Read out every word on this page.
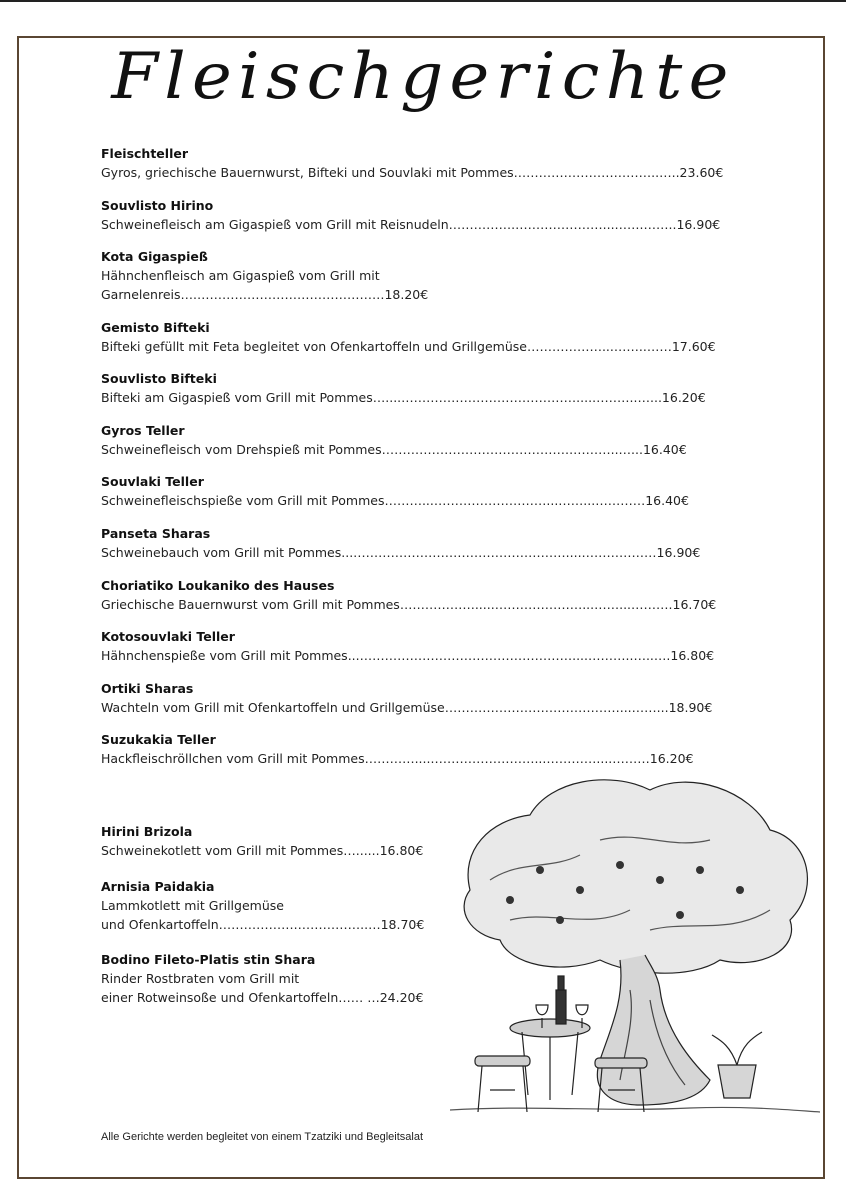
Fleischgerichte
Fleischteller
Gyros, griechische Bauernwurst, Bifteki und Souvlaki mit Pommes……………………………..…..23.60€
Souvlisto Hirino
Schweinefleisch am Gigaspieß vom Grill mit Reisnudeln…………….…………………...…….……..16.90€
Kota Gigaspieß
Hähnchenfleisch am Gigaspieß vom Grill mit
Garnelenreis….………………………………………18.20€
Gemisto Bifteki
Bifteki gefüllt mit Feta begleitet von Ofenkartoffeln und Grillgemüse………………...……..……17.60€
Souvlisto Bifteki
Bifteki am Gigaspieß vom Grill mit Pommes…....……………………………………....………..…...16.20€
Gyros Teller
Schweinefleisch vom Drehspieß mit Pommes……………………………………….………..…...16.40€
Souvlaki Teller
Schweinefleischspieße vom Grill mit Pommes………...………………………...……...…………16.40€
Panseta Sharas
Schweinebauch vom Grill mit Pommes...……………………………………………....………………16.90€
Choriatiko Loukaniko des Hauses
Griechische Bauernwurst vom Grill mit Pommes……………….....…………………...……...……….16.70€
Kotosouvlaki Teller
Hähnchenspieße vom Grill mit Pommes...……………………………………………....………..…..….16.80€
Ortiki Sharas
Wachteln vom Grill mit Ofenkartoffeln und Grillgemüse……………………………………...……...18.90€
Suzukakia Teller
Hackfleischröllchen vom Grill mit Pommes………….....……………………...…………....………16.20€
Hirini Brizola
Schweinekotlett vom Grill mit Pommes…......16.80€
Arnisia Paidakia
Lammkotlett mit Grillgemüse
und Ofenkartoffeln……………….……………..…18.70€
Bodino Fileto-Platis stin Shara
Rinder Rostbraten vom Grill mit
einer Rotweinsoße und Ofenkartoffeln…… …24.20€
Alle Gerichte werden begleitet von einem Tzatziki und Begleitsalat
